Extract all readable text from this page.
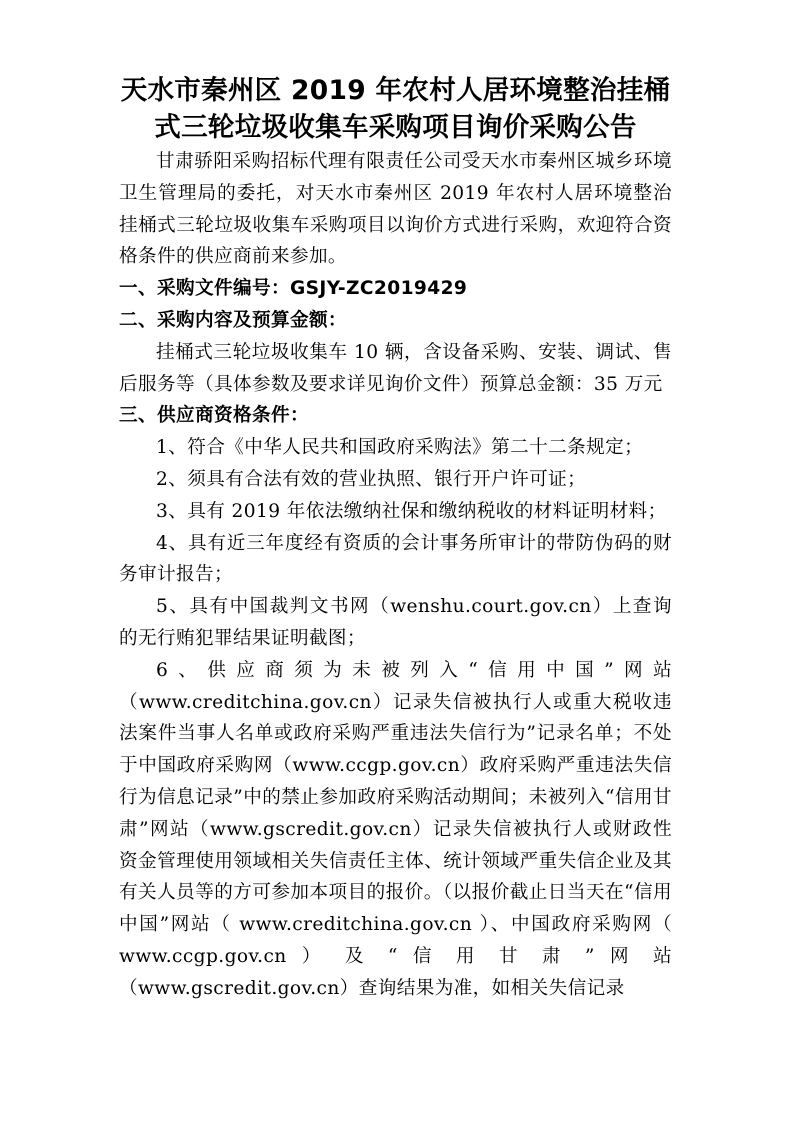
天水市秦州区 2019 年农村人居环境整治挂桶式三轮垃圾收集车采购项目询价采购公告

甘肃骄阳采购招标代理有限责任公司受天水市秦州区城乡环境卫生管理局的委托，对天水市秦州区 2019 年农村人居环境整治挂桶式三轮垃圾收集车采购项目以询价方式进行采购，欢迎符合资格条件的供应商前来参加。

一、采购文件编号：GSJY-ZC2019429

二、采购内容及预算金额：

挂桶式三轮垃圾收集车 10 辆，含设备采购、安装、调试、售后服务等（具体参数及要求详见询价文件）预算总金额：35 万元

三、供应商资格条件：

1、符合《中华人民共和国政府采购法》第二十二条规定；

2、须具有合法有效的营业执照、银行开户许可证；

3、具有 2019 年依法缴纳社保和缴纳税收的材料证明材料；

4、具有近三年度经有资质的会计事务所审计的带防伪码的财务审计报告；

5、具有中国裁判文书网（wenshu.court.gov.cn）上查询的无行贿犯罪结果证明截图；

6、供应商须为未被列入“信用中国”网站（www.creditchina.gov.cn）记录失信被执行人或重大税收违法案件当事人名单或政府采购严重违法失信行为”记录名单；不处于中国政府采购网（www.ccgp.gov.cn）政府采购严重违法失信行为信息记录”中的禁止参加政府采购活动期间；未被列入“信用甘肃”网站（www.gscredit.gov.cn）记录失信被执行人或财政性资金管理使用领域相关失信责任主体、统计领域严重失信企业及其有关人员等的方可参加本项目的报价。（以报价截止日当天在“信用中国”网站（ www.creditchina.gov.cn ）、中国政府采购网（ www.ccgp.gov.cn ） 及 “ 信 用 甘 肃 ” 网 站（www.gscredit.gov.cn）查询结果为准，如相关失信记录
